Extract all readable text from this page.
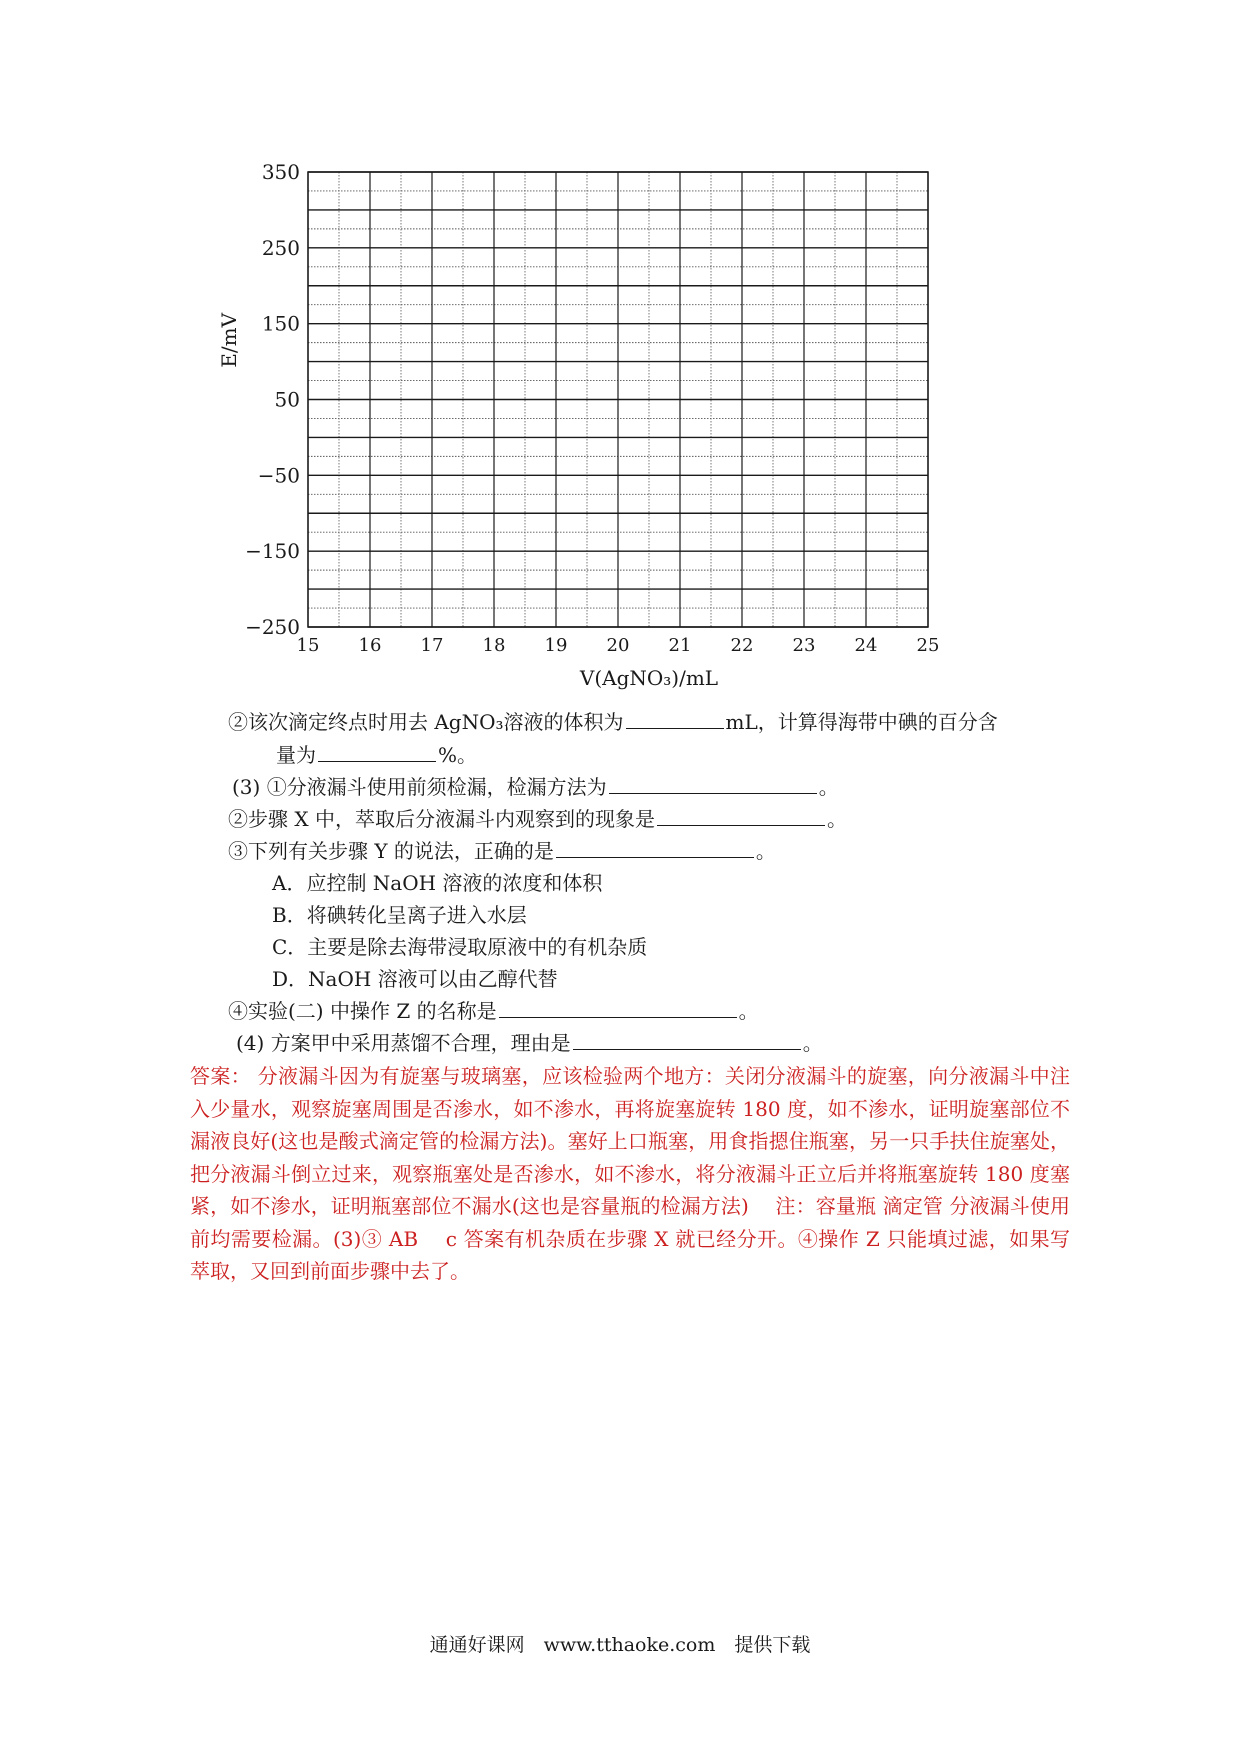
350
250
150
50
−50
−150
−250
15 16 17 18 19 20 21 22 23 24 25
E/mV
V(AgNO₃)/mL
②该次滴定终点时用去 AgNO₃溶液的体积为	mL，计算得海带中碘的百分含
量为	%。
(3) ①分液漏斗使用前须检漏，检漏方法为	。
②步骤 X 中，萃取后分液漏斗内观察到的现象是	。
③下列有关步骤 Y 的说法，正确的是	。
A．应控制 NaOH 溶液的浓度和体积
B．将碘转化呈离子进入水层
C．主要是除去海带浸取原液中的有机杂质
D．NaOH 溶液可以由乙醇代替
④实验(二) 中操作 Z 的名称是	。
(4) 方案甲中采用蒸馏不合理，理由是	。
答案： 分液漏斗因为有旋塞与玻璃塞，应该检验两个地方：关闭分液漏斗的旋塞，向分液漏斗中注入少量水，观察旋塞周围是否渗水，如不渗水，再将旋塞旋转 180 度，如不渗水，证明旋塞部位不漏液良好(这也是酸式滴定管的检漏方法)。塞好上口瓶塞，用食指摁住瓶塞，另一只手扶住旋塞处，把分液漏斗倒立过来，观察瓶塞处是否渗水，如不渗水，将分液漏斗正立后并将瓶塞旋转 180 度塞紧，如不渗水，证明瓶塞部位不漏水(这也是容量瓶的检漏方法)　 注：容量瓶 滴定管 分液漏斗使用前均需要检漏。(3)③ AB　 c 答案有机杂质在步骤 X 就已经分开。④操作 Z 只能填过滤，如果写萃取，又回到前面步骤中去了。
通通好课网　www.tthaoke.com　提供下载
